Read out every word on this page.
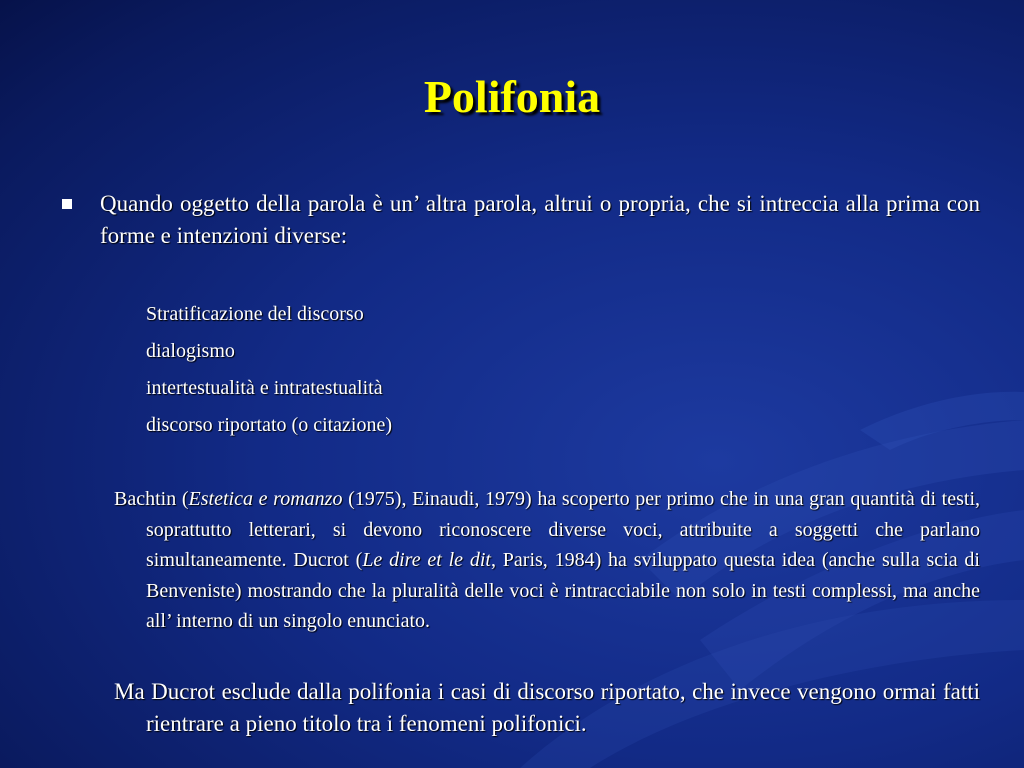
Polifonia
Quando oggetto della parola è un’ altra parola, altrui o propria, che si intreccia alla prima con forme e intenzioni diverse:
Stratificazione del discorso
dialogismo
intertestualità e intratestualità
discorso riportato (o citazione)
Bachtin (Estetica e romanzo (1975), Einaudi, 1979) ha scoperto per primo che in una gran quantità di testi, soprattutto letterari, si devono riconoscere diverse voci, attribuite a soggetti che parlano simultaneamente. Ducrot (Le dire et le dit, Paris, 1984) ha sviluppato questa idea (anche sulla scia di Benveniste) mostrando che la pluralità delle voci è rintracciabile non solo in testi complessi, ma anche all’ interno di un singolo enunciato.
Ma Ducrot esclude dalla polifonia i casi di discorso riportato, che invece vengono ormai fatti rientrare a pieno titolo tra i fenomeni polifonici.
